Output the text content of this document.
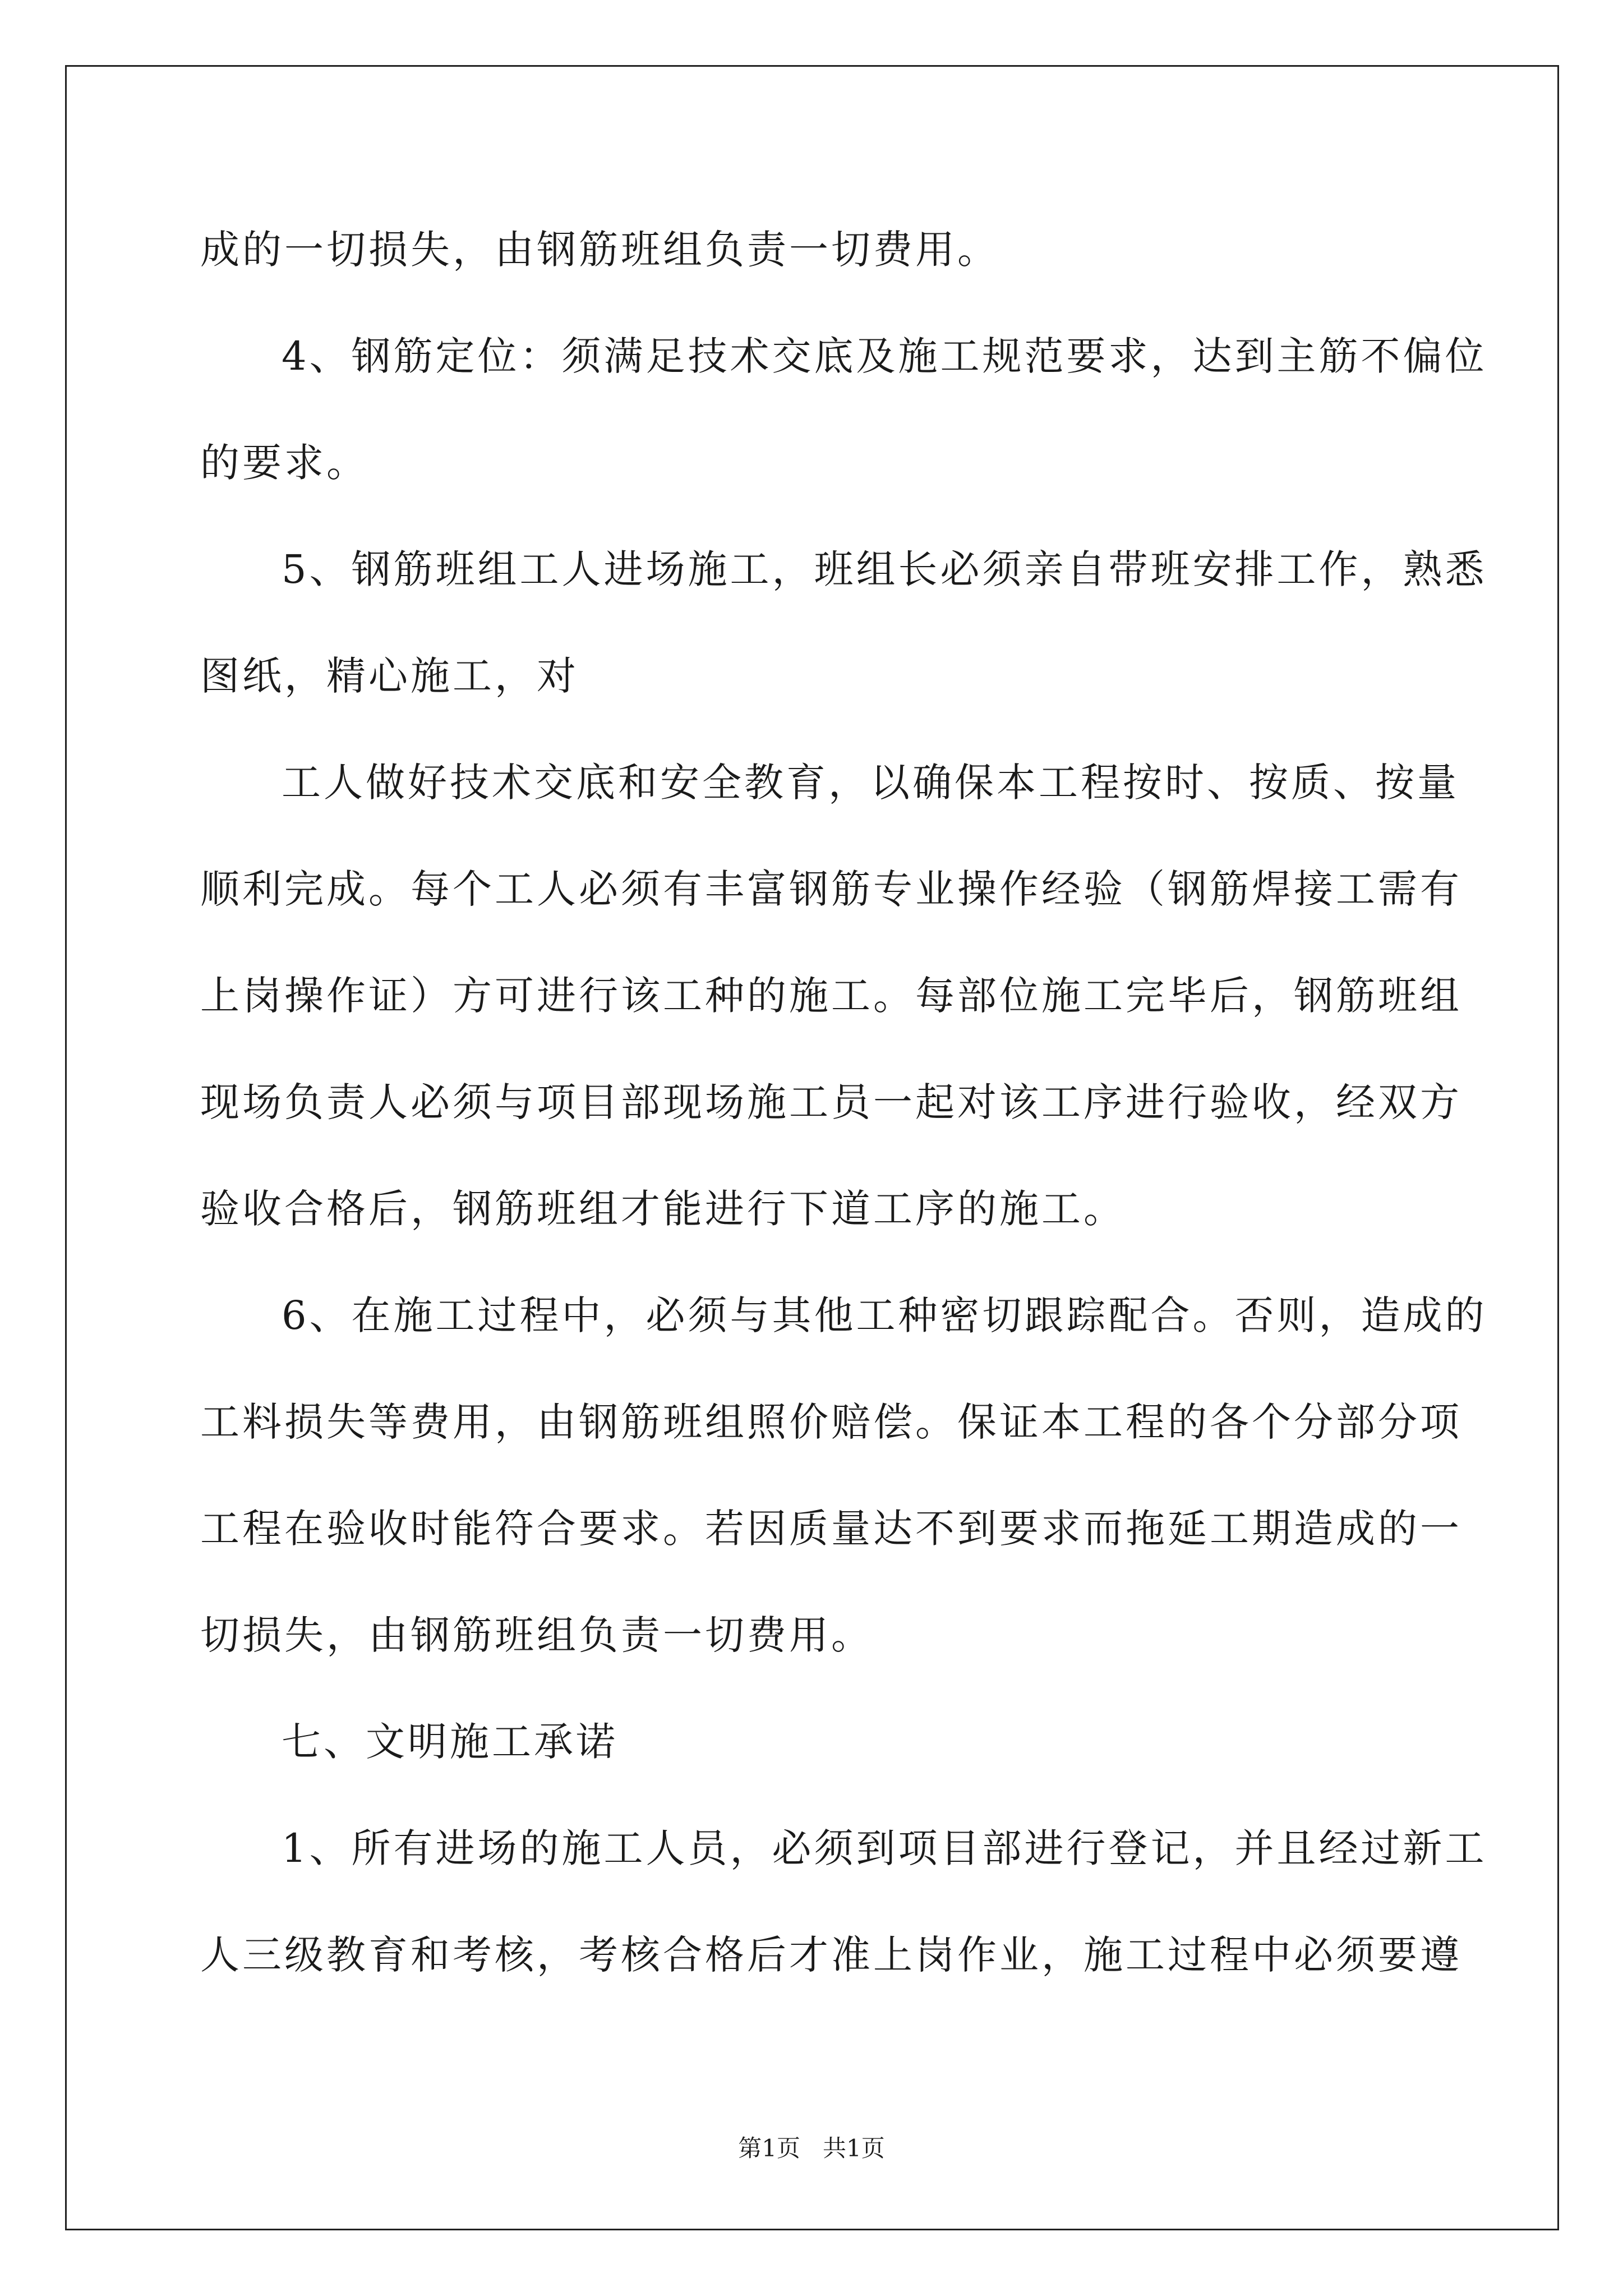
成的一切损失，由钢筋班组负责一切费用。
4、钢筋定位：须满足技术交底及施工规范要求，达到主筋不偏位
的要求。
5、钢筋班组工人进场施工，班组长必须亲自带班安排工作，熟悉
图纸，精心施工，对
工人做好技术交底和安全教育，以确保本工程按时、按质、按量
顺利完成。每个工人必须有丰富钢筋专业操作经验（钢筋焊接工需有
上岗操作证）方可进行该工种的施工。每部位施工完毕后，钢筋班组
现场负责人必须与项目部现场施工员一起对该工序进行验收，经双方
验收合格后，钢筋班组才能进行下道工序的施工。
6、在施工过程中，必须与其他工种密切跟踪配合。否则，造成的
工料损失等费用，由钢筋班组照价赔偿。保证本工程的各个分部分项
工程在验收时能符合要求。若因质量达不到要求而拖延工期造成的一
切损失，由钢筋班组负责一切费用。
七、文明施工承诺
1、所有进场的施工人员，必须到项目部进行登记，并且经过新工
人三级教育和考核，考核合格后才准上岗作业，施工过程中必须要遵
第1页   共1页
